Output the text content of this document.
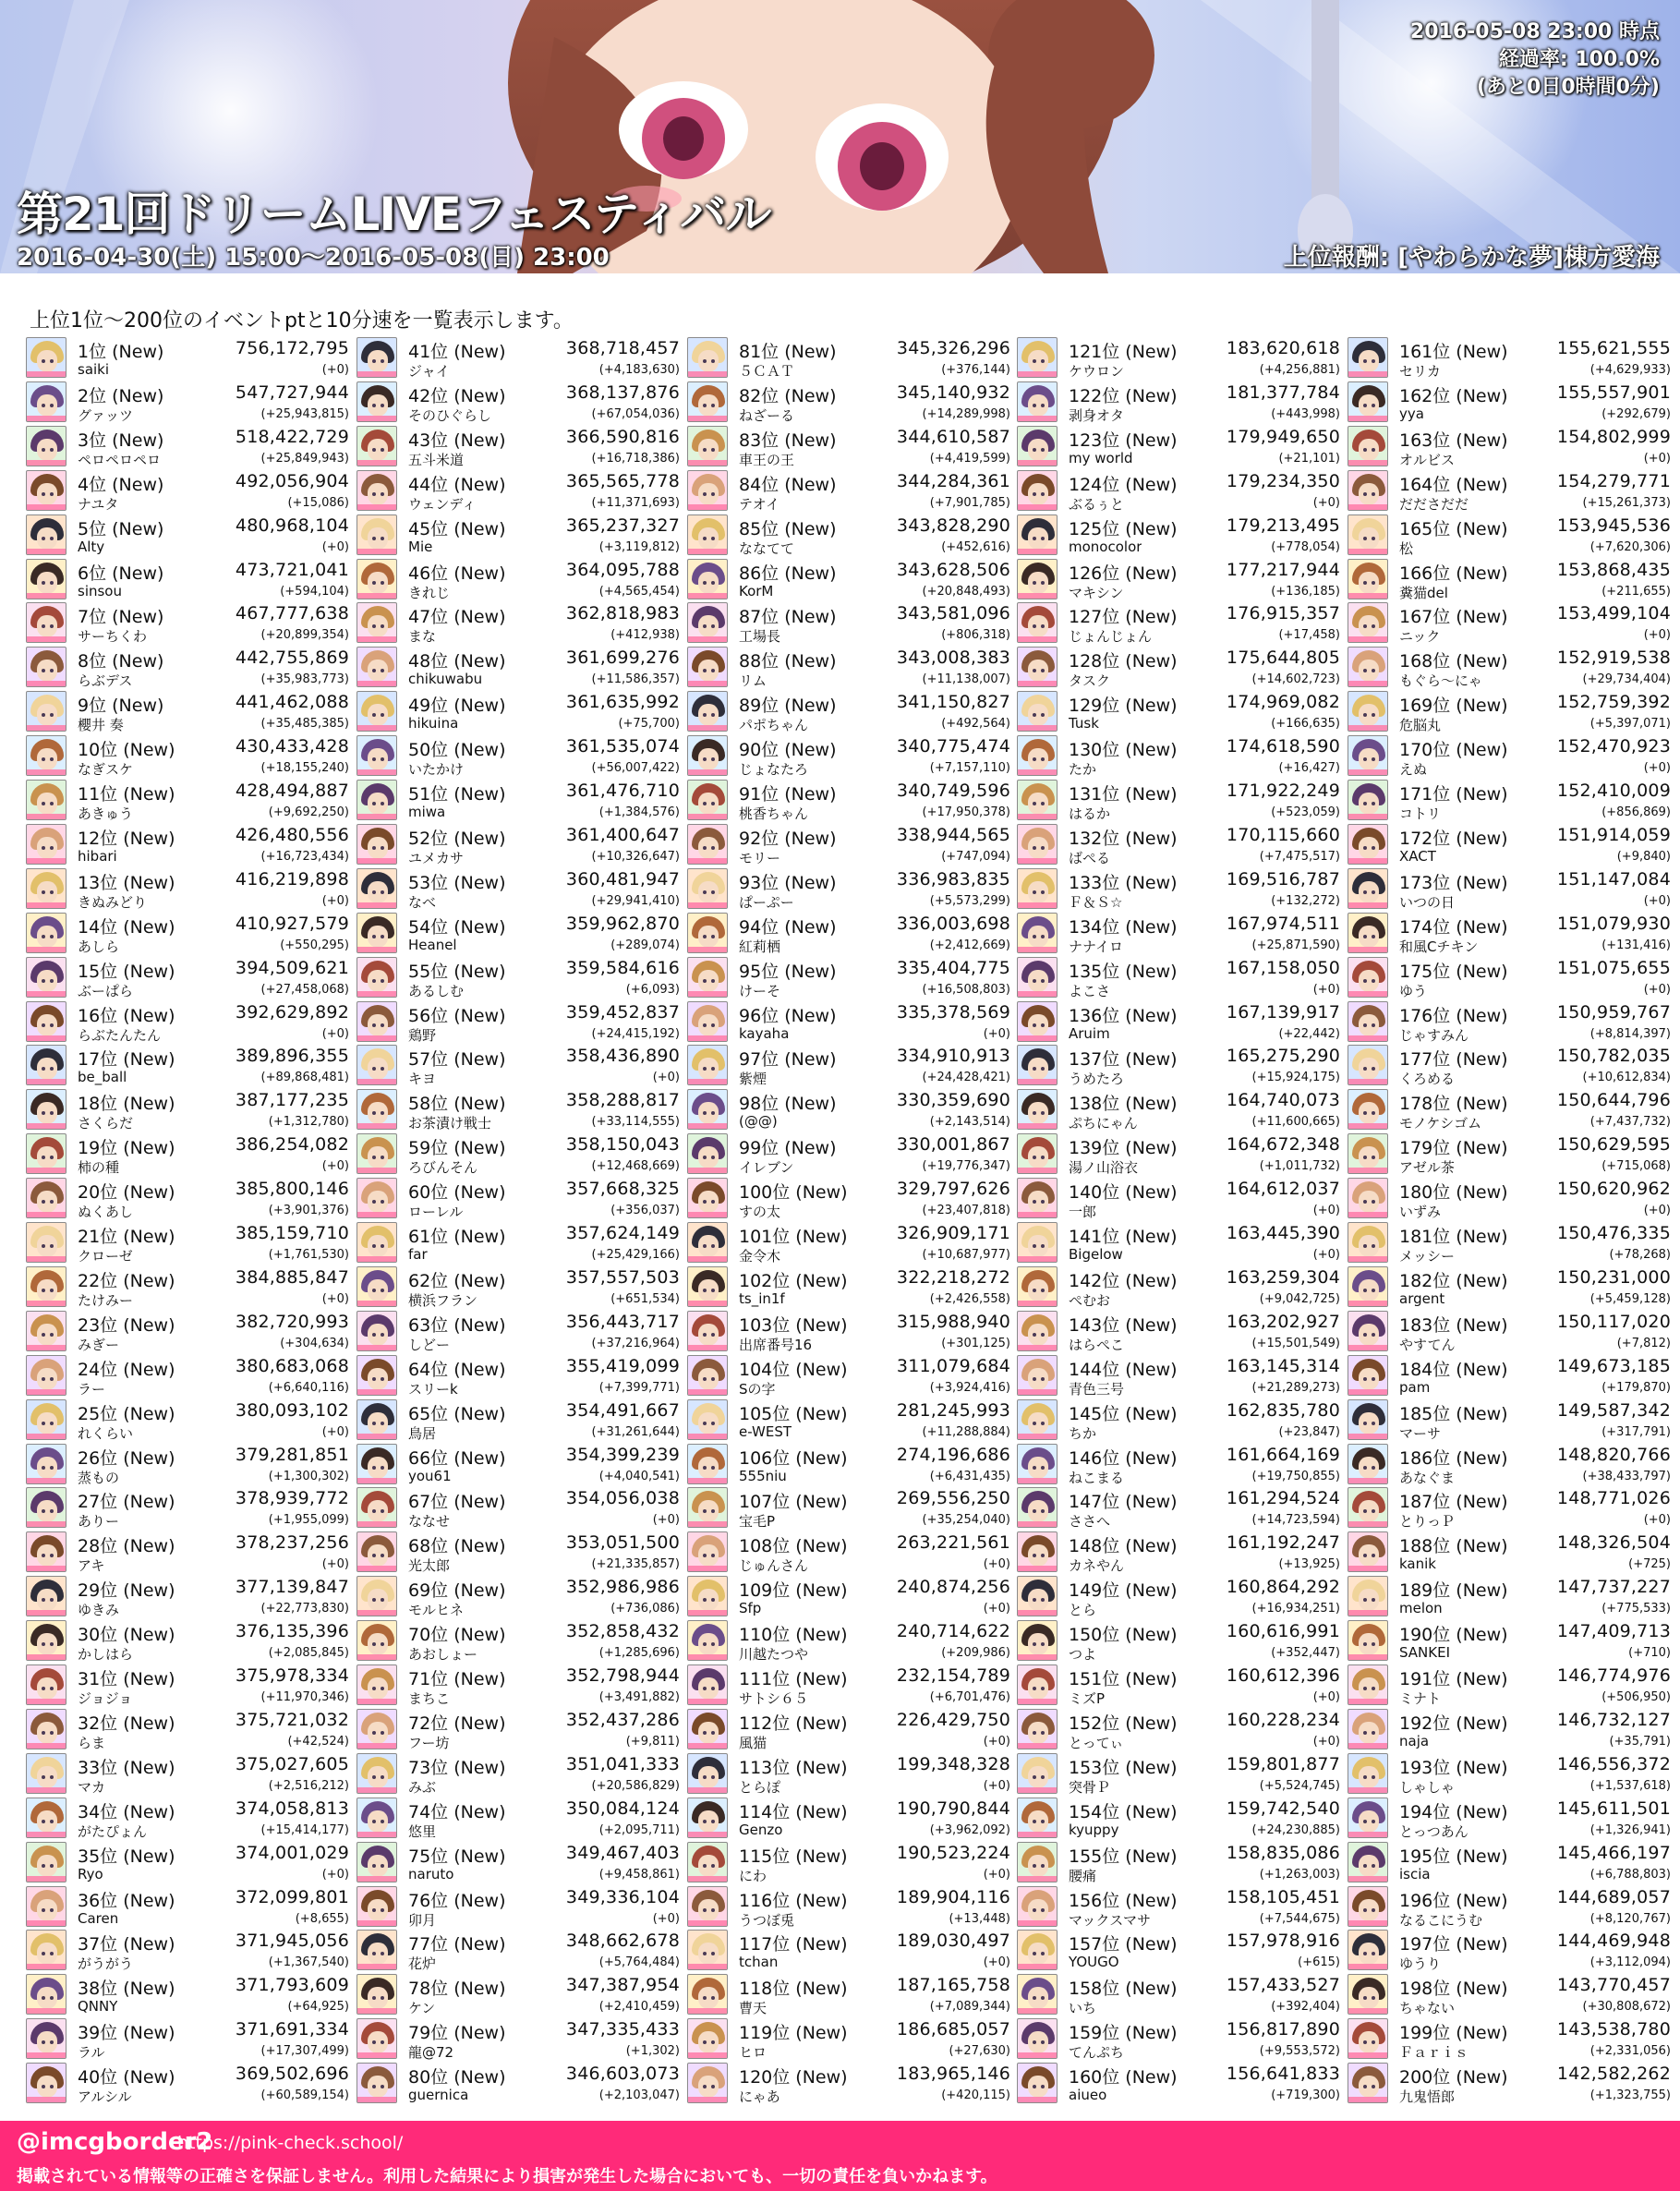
2016-05-08 23:00 時点
経過率: 100.0%
(あと0日0時間0分)
第21回ドリームLIVEフェスティバル
2016-04-30(土) 15:00～2016-05-08(日) 23:00	上位報酬: [やわらかな夢]棟方愛海
上位1位～200位のイベントptと10分速を一覧表示します。
1位 (New)	756,172,795
saiki	(+0)
2位 (New)	547,727,944
グァッツ	(+25,943,815)
3位 (New)	518,422,729
ペロペロペロ	(+25,849,943)
4位 (New)	492,056,904
ナユタ	(+15,086)
5位 (New)	480,968,104
Alty	(+0)
6位 (New)	473,721,041
sinsou	(+594,104)
7位 (New)	467,777,638
サーちくわ	(+20,899,354)
8位 (New)	442,755,869
らぶデス	(+35,983,773)
9位 (New)	441,462,088
櫻井 奏	(+35,485,385)
10位 (New)	430,433,428
なぎスケ	(+18,155,240)
11位 (New)	428,494,887
あきゅう	(+9,692,250)
12位 (New)	426,480,556
hibari	(+16,723,434)
13位 (New)	416,219,898
きぬみどり	(+0)
14位 (New)	410,927,579
あしら	(+550,295)
15位 (New)	394,509,621
ぶーぱら	(+27,458,068)
16位 (New)	392,629,892
らぶたんたん	(+0)
17位 (New)	389,896,355
be_ball	(+89,868,481)
18位 (New)	387,177,235
さくらだ	(+1,312,780)
19位 (New)	386,254,082
柿の種	(+0)
20位 (New)	385,800,146
ぬくあし	(+3,901,376)
21位 (New)	385,159,710
クローゼ	(+1,761,530)
22位 (New)	384,885,847
たけみー	(+0)
23位 (New)	382,720,993
みぎー	(+304,634)
24位 (New)	380,683,068
ラー	(+6,640,116)
25位 (New)	380,093,102
れくらい	(+0)
26位 (New)	379,281,851
蒸もの	(+1,300,302)
27位 (New)	378,939,772
ありー	(+1,955,099)
28位 (New)	378,237,256
アキ	(+0)
29位 (New)	377,139,847
ゆきみ	(+22,773,830)
30位 (New)	376,135,396
かしはら	(+2,085,845)
31位 (New)	375,978,334
ジョジョ	(+11,970,346)
32位 (New)	375,721,032
らま	(+42,524)
33位 (New)	375,027,605
マカ	(+2,516,212)
34位 (New)	374,058,813
がたぴょん	(+15,414,177)
35位 (New)	374,001,029
Ryo	(+0)
36位 (New)	372,099,801
Caren	(+8,655)
37位 (New)	371,945,056
がうがう	(+1,367,540)
38位 (New)	371,793,609
QNNY	(+64,925)
39位 (New)	371,691,334
ラル	(+17,307,499)
40位 (New)	369,502,696
アルシル	(+60,589,154)
41位 (New)	368,718,457
ジャイ	(+4,183,630)
42位 (New)	368,137,876
そのひぐらし	(+67,054,036)
43位 (New)	366,590,816
五斗米道	(+16,718,386)
44位 (New)	365,565,778
ウェンディ	(+11,371,693)
45位 (New)	365,237,327
Mie	(+3,119,812)
46位 (New)	364,095,788
きれじ	(+4,565,454)
47位 (New)	362,818,983
まな	(+412,938)
48位 (New)	361,699,276
chikuwabu	(+11,586,357)
49位 (New)	361,635,992
hikuina	(+75,700)
50位 (New)	361,535,074
いたかけ	(+56,007,422)
51位 (New)	361,476,710
miwa	(+1,384,576)
52位 (New)	361,400,647
ユメカサ	(+10,326,647)
53位 (New)	360,481,947
なべ	(+29,941,410)
54位 (New)	359,962,870
Heanel	(+289,074)
55位 (New)	359,584,616
あるしむ	(+6,093)
56位 (New)	359,452,837
鶏野	(+24,415,192)
57位 (New)	358,436,890
キヨ	(+0)
58位 (New)	358,288,817
お茶漬け戦士	(+33,114,555)
59位 (New)	358,150,043
ろびんそん	(+12,468,669)
60位 (New)	357,668,325
ローレル	(+356,037)
61位 (New)	357,624,149
far	(+25,429,166)
62位 (New)	357,557,503
横浜フラン	(+651,534)
63位 (New)	356,443,717
しどー	(+37,216,964)
64位 (New)	355,419,099
スリーk	(+7,399,771)
65位 (New)	354,491,667
鳥居	(+31,261,644)
66位 (New)	354,399,239
you61	(+4,040,541)
67位 (New)	354,056,038
ななせ	(+0)
68位 (New)	353,051,500
光太郎	(+21,335,857)
69位 (New)	352,986,986
モルヒネ	(+736,086)
70位 (New)	352,858,432
あおしょー	(+1,285,696)
71位 (New)	352,798,944
まちこ	(+3,491,882)
72位 (New)	352,437,286
フー坊	(+9,811)
73位 (New)	351,041,333
みぶ	(+20,586,829)
74位 (New)	350,084,124
悠里	(+2,095,711)
75位 (New)	349,467,403
naruto	(+9,458,861)
76位 (New)	349,336,104
卯月	(+0)
77位 (New)	348,662,678
花炉	(+5,764,484)
78位 (New)	347,387,954
ケン	(+2,410,459)
79位 (New)	347,335,433
龍@72	(+1,302)
80位 (New)	346,603,073
guernica	(+2,103,047)
81位 (New)	345,326,296
５ＣＡＴ	(+376,144)
82位 (New)	345,140,932
ねざーる	(+14,289,998)
83位 (New)	344,610,587
車王の王	(+4,419,599)
84位 (New)	344,284,361
テオイ	(+7,901,785)
85位 (New)	343,828,290
ななてて	(+452,616)
86位 (New)	343,628,506
KorM	(+20,848,493)
87位 (New)	343,581,096
工場長	(+806,318)
88位 (New)	343,008,383
リム	(+11,138,007)
89位 (New)	341,150,827
パポちゃん	(+492,564)
90位 (New)	340,775,474
じょなたろ	(+7,157,110)
91位 (New)	340,749,596
桃香ちゃん	(+17,950,378)
92位 (New)	338,944,565
モリー	(+747,094)
93位 (New)	336,983,835
ぱーぷー	(+5,573,299)
94位 (New)	336,003,698
紅莉栖	(+2,412,669)
95位 (New)	335,404,775
けーそ	(+16,508,803)
96位 (New)	335,378,569
kayaha	(+0)
97位 (New)	334,910,913
紫煙	(+24,428,421)
98位 (New)	330,359,690
(@@)	(+2,143,514)
99位 (New)	330,001,867
イレブン	(+19,776,347)
100位 (New)	329,797,626
すの太	(+23,407,818)
101位 (New)	326,909,171
金令木	(+10,687,977)
102位 (New)	322,218,272
ts_in1f	(+2,426,558)
103位 (New)	315,988,940
出席番号16	(+301,125)
104位 (New)	311,079,684
Sの字	(+3,924,416)
105位 (New)	281,245,993
e-WEST	(+11,288,884)
106位 (New)	274,196,686
555niu	(+6,431,435)
107位 (New)	269,556,250
宝毛P	(+35,254,040)
108位 (New)	263,221,561
じゅんさん	(+0)
109位 (New)	240,874,256
Sfp	(+0)
110位 (New)	240,714,622
川越たつや	(+209,986)
111位 (New)	232,154,789
サトシ６５	(+6,701,476)
112位 (New)	226,429,750
風猫	(+0)
113位 (New)	199,348,328
とらぽ	(+0)
114位 (New)	190,790,844
Genzo	(+3,962,092)
115位 (New)	190,523,224
にわ	(+0)
116位 (New)	189,904,116
うつぼ兎	(+13,448)
117位 (New)	189,030,497
tchan	(+0)
118位 (New)	187,165,758
曹天	(+7,089,344)
119位 (New)	186,685,057
ヒロ	(+27,630)
120位 (New)	183,965,146
にゃあ	(+420,115)
121位 (New)	183,620,618
ケウロン	(+4,256,881)
122位 (New)	181,377,784
剥身オタ	(+443,998)
123位 (New)	179,949,650
my world	(+21,101)
124位 (New)	179,234,350
ぶるぅと	(+0)
125位 (New)	179,213,495
monocolor	(+778,054)
126位 (New)	177,217,944
マキシン	(+136,185)
127位 (New)	176,915,357
じょんじょん	(+17,458)
128位 (New)	175,644,805
タスク	(+14,602,723)
129位 (New)	174,969,082
Tusk	(+166,635)
130位 (New)	174,618,590
たか	(+16,427)
131位 (New)	171,922,249
はるか	(+523,059)
132位 (New)	170,115,660
ばぺる	(+7,475,517)
133位 (New)	169,516,787
Ｆ＆Ｓ☆	(+132,272)
134位 (New)	167,974,511
ナナイロ	(+25,871,590)
135位 (New)	167,158,050
よこさ	(+0)
136位 (New)	167,139,917
Aruim	(+22,442)
137位 (New)	165,275,290
うめたろ	(+15,924,175)
138位 (New)	164,740,073
ぷちにゃん	(+11,600,665)
139位 (New)	164,672,348
湯ノ山浴衣	(+1,011,732)
140位 (New)	164,612,037
一郎	(+0)
141位 (New)	163,445,390
Bigelow	(+0)
142位 (New)	163,259,304
ぺむお	(+9,042,725)
143位 (New)	163,202,927
はらぺこ	(+15,501,549)
144位 (New)	163,145,314
青色三号	(+21,289,273)
145位 (New)	162,835,780
ちか	(+23,847)
146位 (New)	161,664,169
ねこまる	(+19,750,855)
147位 (New)	161,294,524
ささへ	(+14,723,594)
148位 (New)	161,192,247
カネやん	(+13,925)
149位 (New)	160,864,292
とら	(+16,934,251)
150位 (New)	160,616,991
つよ	(+352,447)
151位 (New)	160,612,396
ミズP	(+0)
152位 (New)	160,228,234
とってぃ	(+0)
153位 (New)	159,801,877
突骨Ｐ	(+5,524,745)
154位 (New)	159,742,540
kyuppy	(+24,230,885)
155位 (New)	158,835,086
腰痛	(+1,263,003)
156位 (New)	158,105,451
マックスマサ	(+7,544,675)
157位 (New)	157,978,916
YOUGO	(+615)
158位 (New)	157,433,527
いち	(+392,404)
159位 (New)	156,817,890
てんぷち	(+9,553,572)
160位 (New)	156,641,833
aiueo	(+719,300)
161位 (New)	155,621,555
セリカ	(+4,629,933)
162位 (New)	155,557,901
yya	(+292,679)
163位 (New)	154,802,999
オルビス	(+0)
164位 (New)	154,279,771
だださだだ	(+15,261,373)
165位 (New)	153,945,536
松	(+7,620,306)
166位 (New)	153,868,435
糞猫del	(+211,655)
167位 (New)	153,499,104
ニック	(+0)
168位 (New)	152,919,538
もぐら～にゃ	(+29,734,404)
169位 (New)	152,759,392
危脳丸	(+5,397,071)
170位 (New)	152,470,923
えぬ	(+0)
171位 (New)	152,410,009
コトリ	(+856,869)
172位 (New)	151,914,059
XACT	(+9,840)
173位 (New)	151,147,084
いつの日	(+0)
174位 (New)	151,079,930
和風Cチキン	(+131,416)
175位 (New)	151,075,655
ゆう	(+0)
176位 (New)	150,959,767
じゃすみん	(+8,814,397)
177位 (New)	150,782,035
くろめる	(+10,612,834)
178位 (New)	150,644,796
モノケシゴム	(+7,437,732)
179位 (New)	150,629,595
アゼル茶	(+715,068)
180位 (New)	150,620,962
いずみ	(+0)
181位 (New)	150,476,335
メッシー	(+78,268)
182位 (New)	150,231,000
argent	(+5,459,128)
183位 (New)	150,117,020
やすてん	(+7,812)
184位 (New)	149,673,185
pam	(+179,870)
185位 (New)	149,587,342
マーサ	(+317,791)
186位 (New)	148,820,766
あなぐま	(+38,433,797)
187位 (New)	148,771,026
とりっＰ	(+0)
188位 (New)	148,326,504
kanik	(+725)
189位 (New)	147,737,227
melon	(+775,533)
190位 (New)	147,409,713
SANKEI	(+710)
191位 (New)	146,774,976
ミナト	(+506,950)
192位 (New)	146,732,127
naja	(+35,791)
193位 (New)	146,556,372
しゃしゃ	(+1,537,618)
194位 (New)	145,611,501
とっつあん	(+1,326,941)
195位 (New)	145,466,197
iscia	(+6,788,803)
196位 (New)	144,689,057
なるこにうむ	(+8,120,767)
197位 (New)	144,469,948
ゆうり	(+3,112,094)
198位 (New)	143,770,457
ちゃない	(+30,808,672)
199位 (New)	143,538,780
Ｆａｒｉｓ	(+2,331,056)
200位 (New)	142,582,262
九鬼悟郎	(+1,323,755)
@imcgborder2
https://pink-check.school/
掲載されている情報等の正確さを保証しません。利用した結果により損害が発生した場合においても、一切の責任を負いかねます。
